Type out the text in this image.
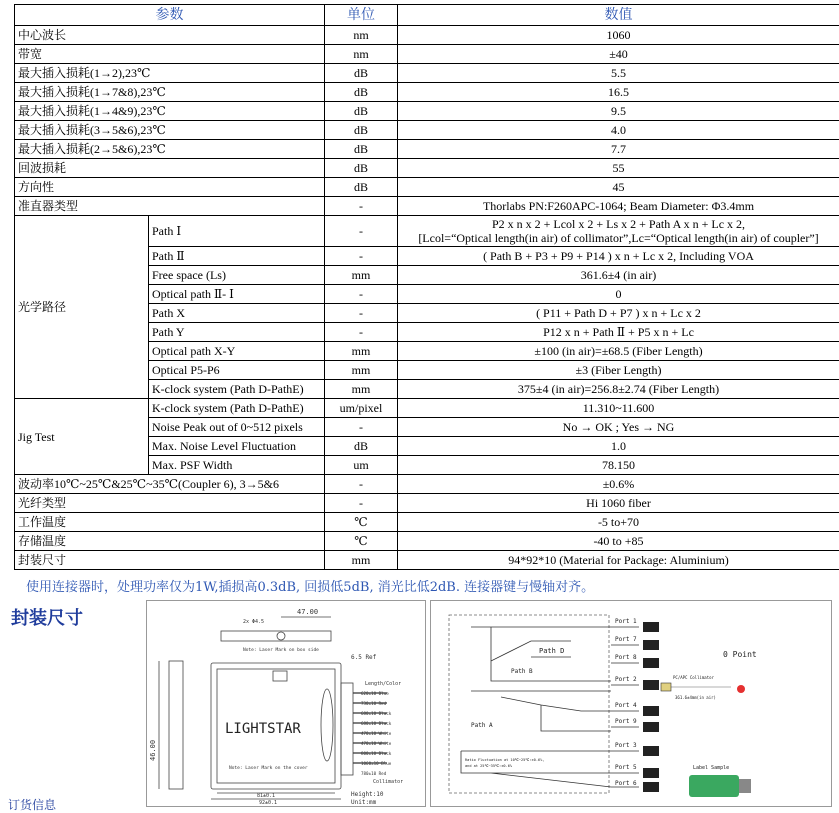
参数		单位	数值
中心波长		nm	1060
带宽		nm	±40
最大插入损耗(1→2),23℃		dB	5.5
最大插入损耗(1→7&8),23℃		dB	16.5
最大插入损耗(1→4&9),23℃		dB	9.5
最大插入损耗(3→5&6),23℃		dB	4.0
最大插入损耗(2→5&6),23℃		dB	7.7
回波损耗		dB	55
方向性		dB	45
准直器类型		-	Thorlabs PN:F260APC-1064; Beam Diameter: Φ3.4mm
光学路径	Path Ⅰ	-	P2 x n x 2 + Lcol x 2 + Ls x 2 + Path A x n + Lc x 2,
[Lcol=“Optical length(in air) of collimator”,Lc=“Optical length(in air) of coupler”]

	Path Ⅱ	-	( Path B + P3 + P9 + P14 ) x n + Lc x 2, Including VOA
	Free space (Ls)	mm	361.6±4 (in air)
	Optical path Ⅱ- Ⅰ	-	0
	Path X	-	( P11 + Path D + P7 ) x n + Lc x 2
	Path Y	-	P12 x n + Path Ⅱ + P5 x n + Lc
	Optical path X-Y	mm	±100 (in air)=±68.5 (Fiber Length)
	Optical P5-P6	mm	±3 (Fiber Length)
	K-clock system (Path D-PathE)	mm	375±4 (in air)=256.8±2.74 (Fiber Length)
Jig Test	K-clock system (Path D-PathE)	um/pixel	11.310~11.600
	Noise Peak out of 0~512 pixels	-	No → OK ; Yes → NG
	Max. Noise Level Fluctuation	dB	1.0
	Max. PSF Width	um	78.150
波动率10℃~25℃&25℃~35℃(Coupler 6), 3→5&6		-	±0.6%
光纤类型		-	Hi 1060 fiber
工作温度		℃	-5 to+70
存储温度		℃	-40 to +85
封装尺寸		mm	94*92*10 (Material for Package: Aluminium)
使用连接器时，处理功率仅为1W,插损高0.3dB, 回损低5dB, 消光比低2dB. 连接器键与慢轴对齐。
封装尺寸
订货信息
LIGHTSTAR
47.00
2x Φ4.5
6.5 Ref
46.00
81±0.1
92±0.1
Note: Laser Mark on box side
Note: Laser Mark on the cover
Length/Color
620±10 Blue
730±10 Red
680±10 Black
680±10 Black
470±10 White
470±10 White
800±10 Black
1060±10 Blue
780±10 Red
Collimator
Height:10
Unit:mm
Port 1
Port 7
Port 8
Port 2
Port 4
Port 9
Port 3
Port 5
Port 6
0 Point
Path D
Path B
Path A
PC/APC Collimator
361.6±4mm(in air)
Ratio Fluctuation at 10℃~25℃:±0.6%,
and at 25℃~35℃:±0.6%	Label Sample
